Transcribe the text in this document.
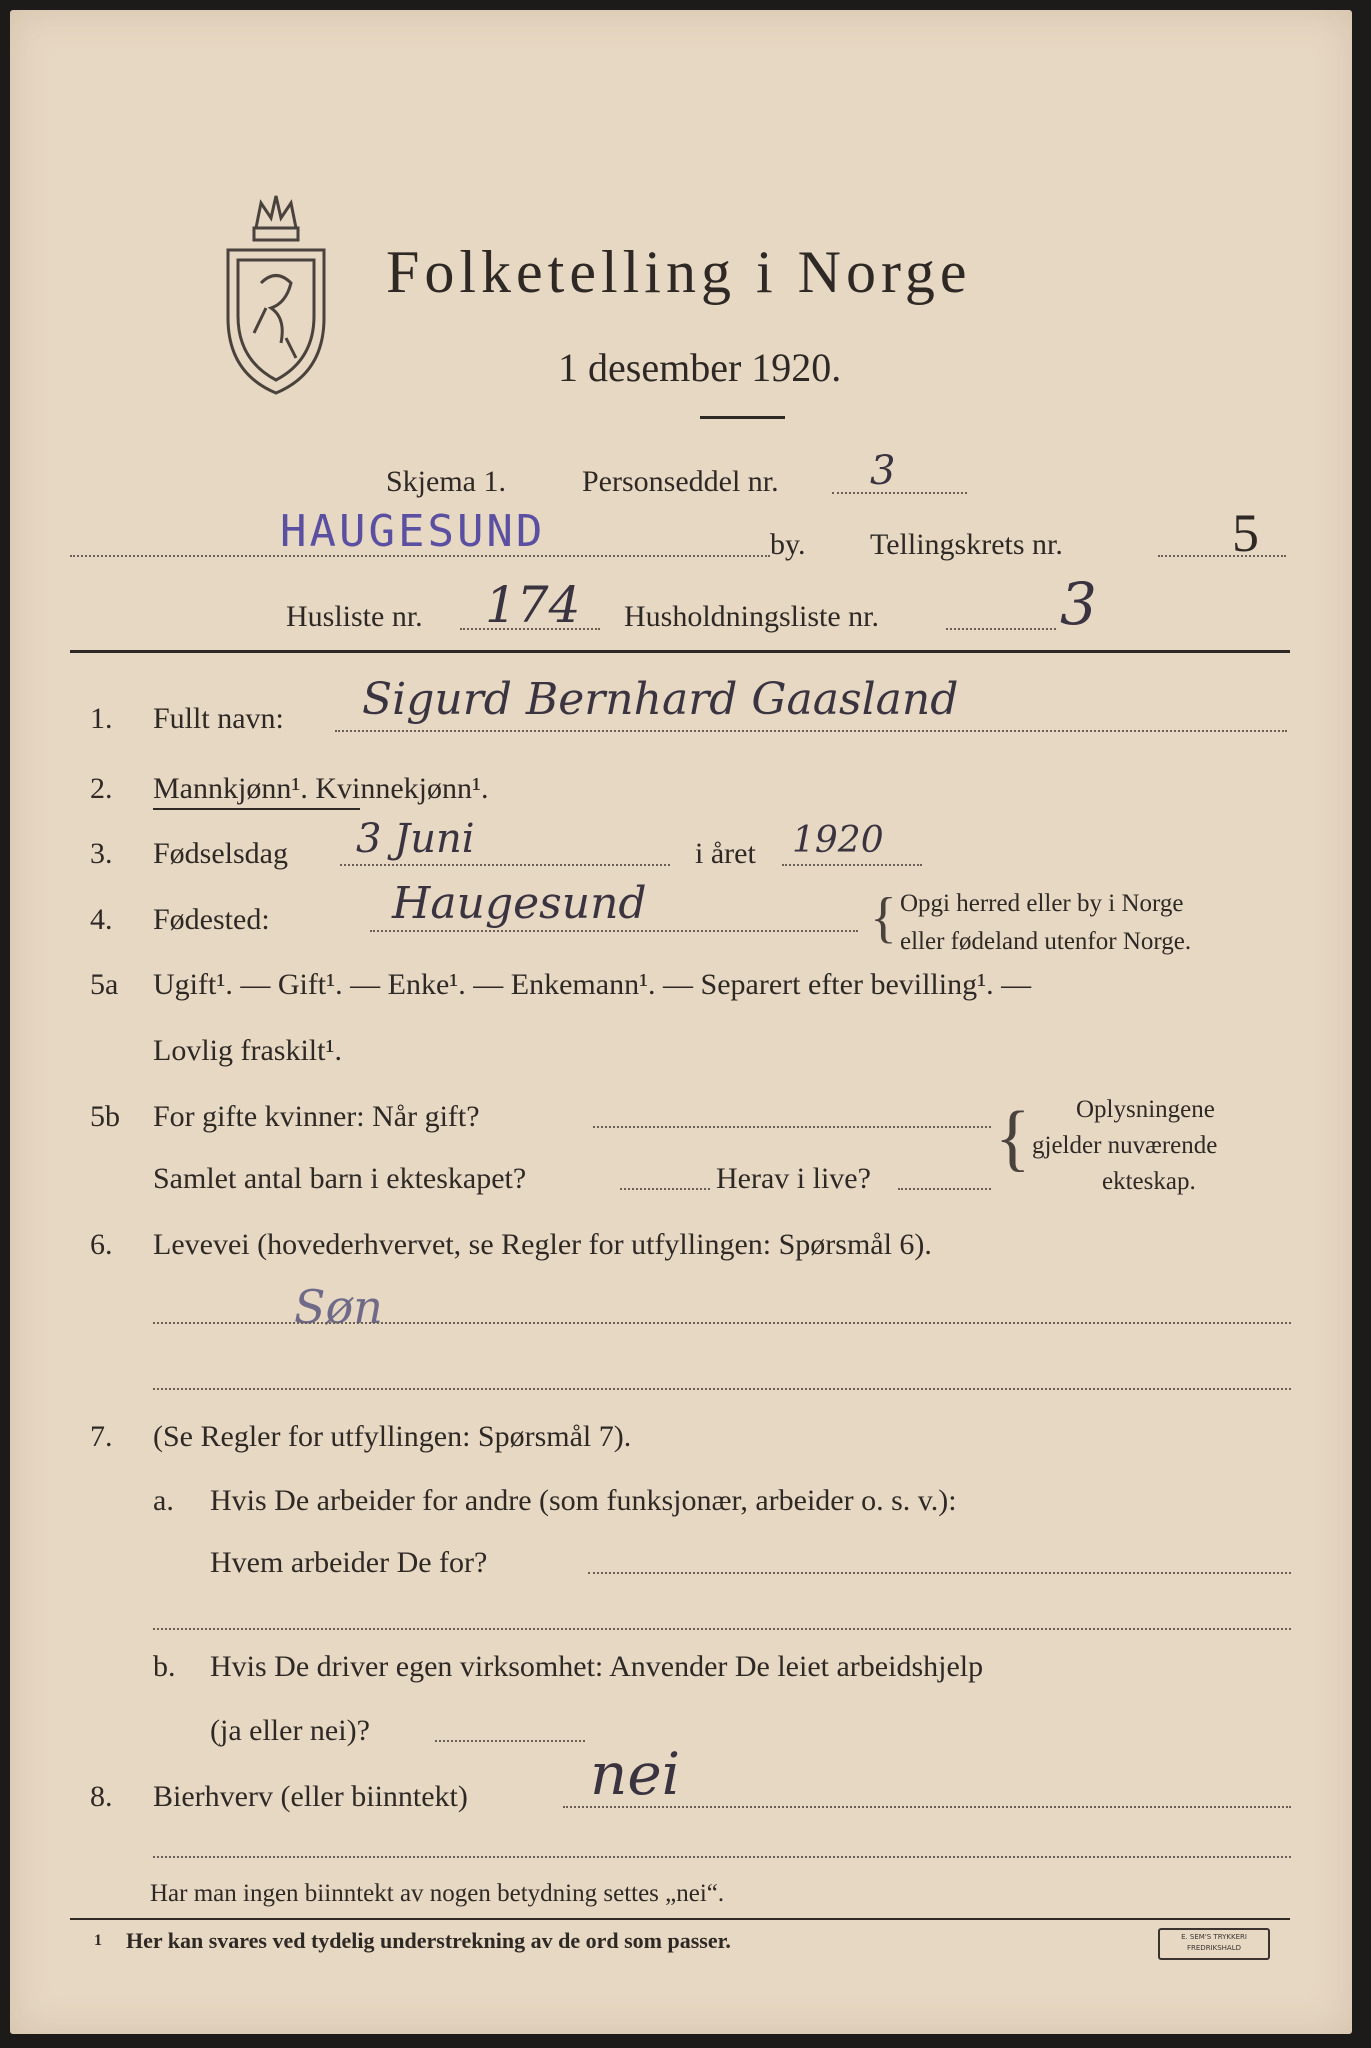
Folketelling i Norge
1 desember 1920.
Skjema 1.	Personseddel nr. 3
HAUGESUND	by. Tellingskrets nr.	5
Husliste nr. 174 Husholdningsliste nr.	3
1. Fullt navn: Sigurd Bernhard Gaasland
2. Mannkjønn¹. Kvinnekjønn¹.
3. Fødselsdag 3 Juni	i året 1920
4. Fødested:	Haugesund	{ Opgi herred eller by i Norge
eller fødeland utenfor Norge.
5a Ugift¹. — Gift¹. — Enke¹. — Enkemann¹. — Separert efter bevilling¹. —
Lovlig fraskilt¹.
5b For gifte kvinner: Når gift?
Samlet antal barn i ekteskapet?	Herav i live? { Oplysningene
gjelder nuværende
ekteskap.
6. Levevei (hovederhvervet, se Regler for utfyllingen: Spørsmål 6).
Søn
7. (Se Regler for utfyllingen: Spørsmål 7).
a. Hvis De arbeider for andre (som funksjonær, arbeider o. s. v.):
Hvem arbeider De for?
b. Hvis De driver egen virksomhet: Anvender De leiet arbeidshjelp
(ja eller nei)?
8. Bierhverv (eller biinntekt) nei
Har man ingen biinntekt av nogen betydning settes „nei“.
1 Her kan svares ved tydelig understrekning av de ord som passer.	E. SEM'S TRYKKERI FREDRIKSHALD
